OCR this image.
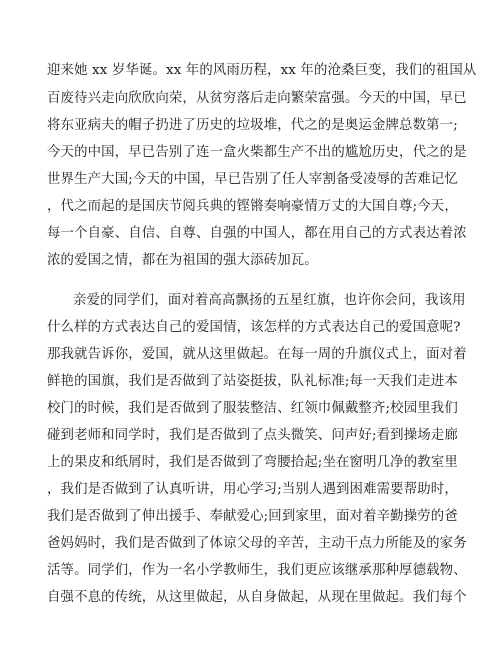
迎来她 xx 岁华诞。xx 年的风雨历程，xx 年的沧桑巨变，我们的祖国从
百废待兴走向欣欣向荣，从贫穷落后走向繁荣富强。今天的中国，早已
将东亚病夫的帽子扔进了历史的垃圾堆，代之的是奥运金牌总数第一;
今天的中国，早已告别了连一盒火柴都生产不出的尴尬历史，代之的是
世界生产大国;今天的中国，早已告别了任人宰割备受凌辱的苦难记忆
，代之而起的是国庆节阅兵典的铿锵奏响豪情万丈的大国自尊;今天，
每一个自豪、自信、自尊、自强的中国人，都在用自己的方式表达着浓
浓的爱国之情，都在为祖国的强大添砖加瓦。
亲爱的同学们，面对着高高飘扬的五星红旗，也许你会问，我该用
什么样的方式表达自己的爱国情，该怎样的方式表达自己的爱国意呢?
那我就告诉你，爱国，就从这里做起。在每一周的升旗仪式上，面对着
鲜艳的国旗，我们是否做到了站姿挺拔，队礼标准;每一天我们走进本
校门的时候，我们是否做到了服装整洁、红领巾佩戴整齐;校园里我们
碰到老师和同学时，我们是否做到了点头微笑、问声好;看到操场走廊
上的果皮和纸屑时，我们是否做到了弯腰拾起;坐在窗明几净的教室里
，我们是否做到了认真听讲，用心学习;当别人遇到困难需要帮助时，
我们是否做到了伸出援手、奉献爱心;回到家里，面对着辛勤操劳的爸
爸妈妈时，我们是否做到了体谅父母的辛苦，主动干点力所能及的家务
活等。同学们，作为一名小学教师生，我们更应该继承那种厚德载物、
自强不息的传统，从这里做起，从自身做起，从现在里做起。我们每个
